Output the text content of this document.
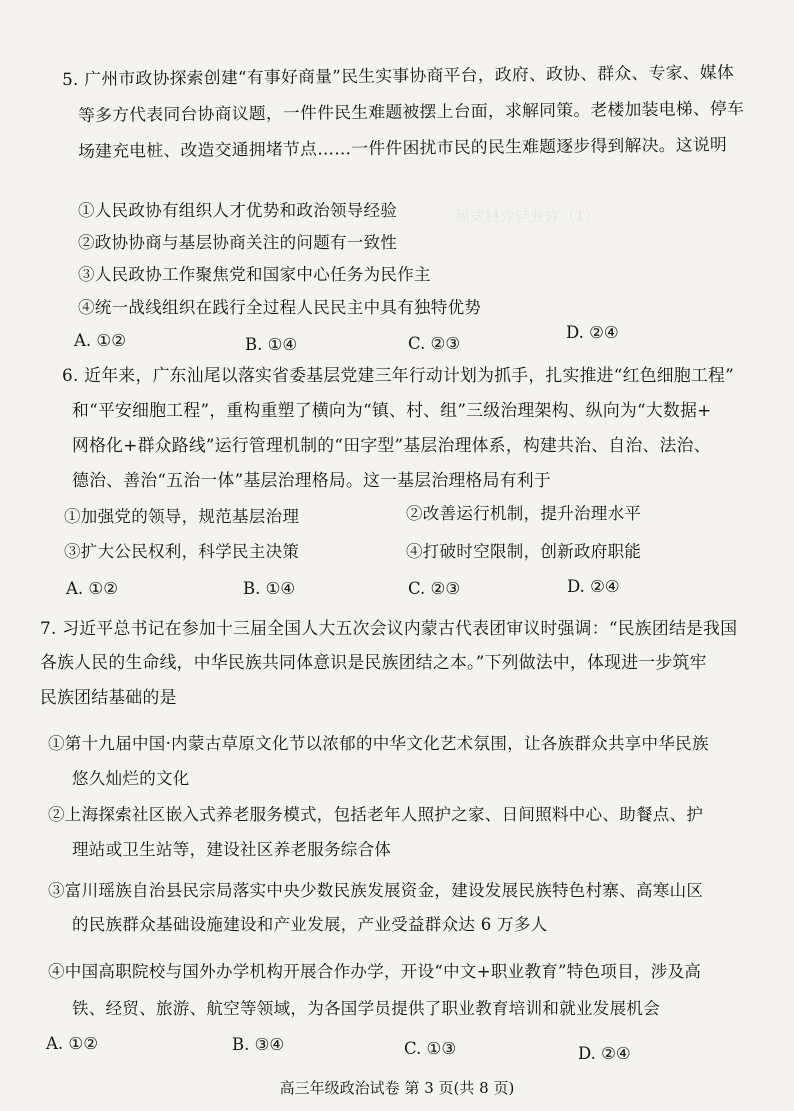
（1）农业与农村发展
5. 广州市政协探索创建“有事好商量”民生实事协商平台，政府、政协、群众、专家、媒体
等多方代表同台协商议题，一件件民生难题被摆上台面，求解同策。老楼加装电梯、停车
场建充电桩、改造交通拥堵节点……一件件困扰市民的民生难题逐步得到解决。这说明
①人民政协有组织人才优势和政治领导经验
②政协协商与基层协商关注的问题有一致性
③人民政协工作聚焦党和国家中心任务为民作主
④统一战线组织在践行全过程人民民主中具有独特优势
A. ①②	B. ①④	C. ②③
D. ②④
6. 近年来，广东汕尾以落实省委基层党建三年行动计划为抓手，扎实推进“红色细胞工程”
和“平安细胞工程”，重构重塑了横向为“镇、村、组”三级治理架构、纵向为“大数据+
网格化+群众路线”运行管理机制的“田字型”基层治理体系，构建共治、自治、法治、
德治、善治“五治一体”基层治理格局。这一基层治理格局有利于
①加强党的领导，规范基层治理	②改善运行机制，提升治理水平
③扩大公民权利，科学民主决策	④打破时空限制，创新政府职能
A. ①②	B. ①④	C. ②③	D. ②④
7. 习近平总书记在参加十三届全国人大五次会议内蒙古代表团审议时强调：“民族团结是我国
各族人民的生命线，中华民族共同体意识是民族团结之本。”下列做法中，体现进一步筑牢
民族团结基础的是
①第十九届中国·内蒙古草原文化节以浓郁的中华文化艺术氛围，让各族群众共享中华民族
悠久灿烂的文化
②上海探索社区嵌入式养老服务模式，包括老年人照护之家、日间照料中心、助餐点、护
理站或卫生站等，建设社区养老服务综合体
③富川瑶族自治县民宗局落实中央少数民族发展资金，建设发展民族特色村寨、高寒山区
的民族群众基础设施建设和产业发展，产业受益群众达 6 万多人
④中国高职院校与国外办学机构开展合作办学，开设“中文+职业教育”特色项目，涉及高
铁、经贸、旅游、航空等领域，为各国学员提供了职业教育培训和就业发展机会
A. ①②	B. ③④	C. ①③	D. ②④
高三年级政治试卷 第 3 页(共 8 页)
